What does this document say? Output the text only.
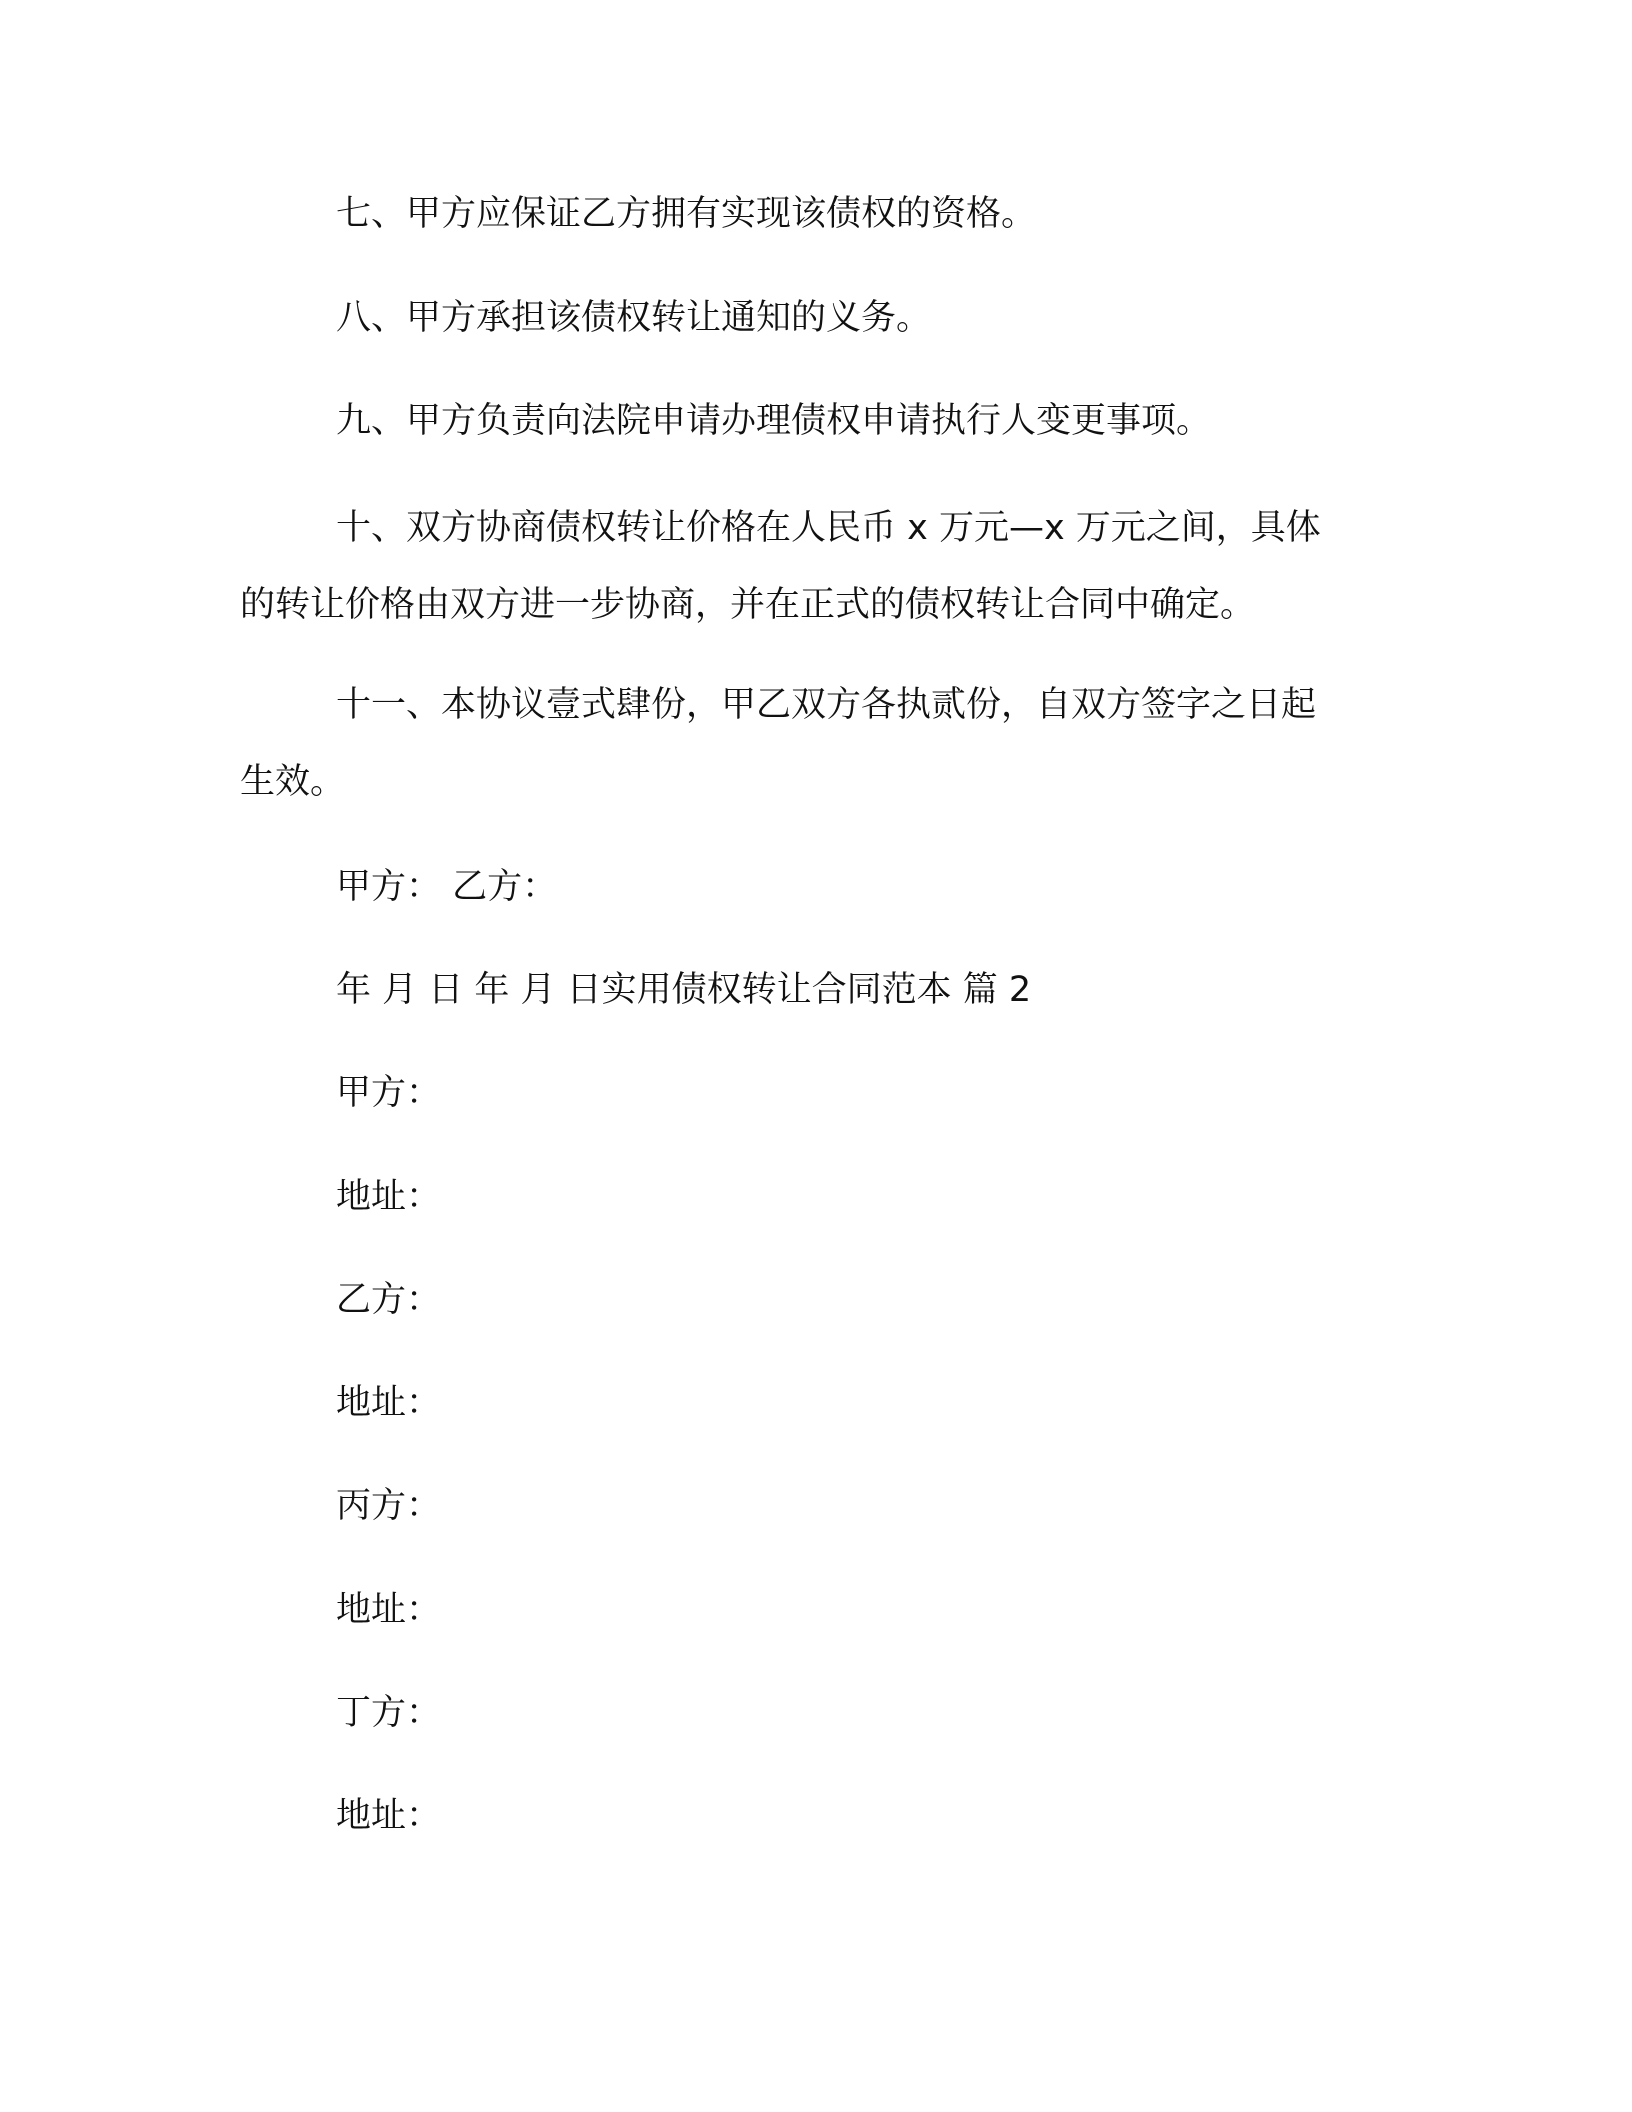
七、甲方应保证乙方拥有实现该债权的资格。
八、甲方承担该债权转让通知的义务。
九、甲方负责向法院申请办理债权申请执行人变更事项。
十、双方协商债权转让价格在人民币 x 万元—x 万元之间，具体
的转让价格由双方进一步协商，并在正式的债权转让合同中确定。
十一、本协议壹式肆份，甲乙双方各执贰份，自双方签字之日起
生效。
甲方： 乙方：
年 月 日 年 月 日实用债权转让合同范本 篇 2
甲方：
地址：
乙方：
地址：
丙方：
地址：
丁方：
地址：
